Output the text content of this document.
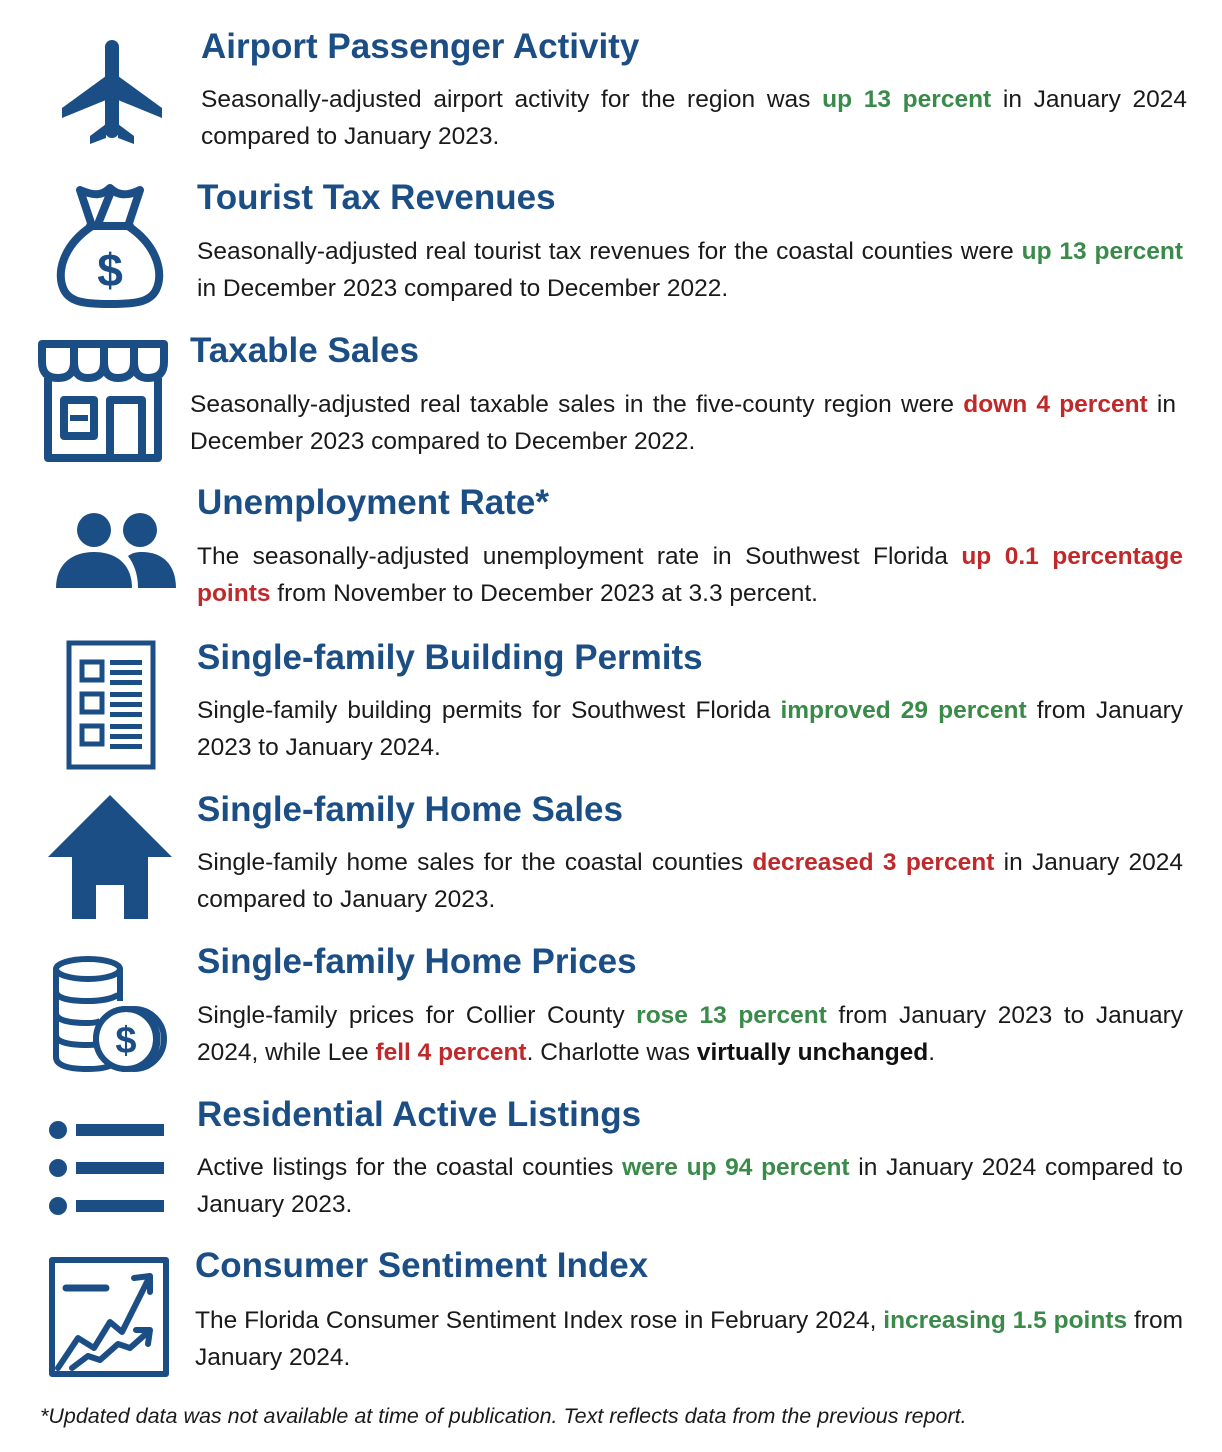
Airport Passenger Activity

Seasonally-adjusted airport activity for the region was up 13 percent in January 2024 compared to January 2023.

$
Tourist Tax Revenues

Seasonally-adjusted real tourist tax revenues for the coastal counties were up 13 percent in December 2023 compared to December 2022.

Taxable Sales

Seasonally-adjusted real taxable sales in the five-county region were down 4 percent in December 2023 compared to December 2022.

Unemployment Rate*

The seasonally-adjusted unemployment rate in Southwest Florida up 0.1 percentage points from November to December 2023 at 3.3 percent.

Single-family Building Permits

Single-family building permits for Southwest Florida improved 29 percent from January 2023 to January 2024.

Single-family Home Sales

Single-family home sales for the coastal counties decreased 3 percent in January 2024 compared to January 2023.

$
Single-family Home Prices

Single-family prices for Collier County rose 13 percent from January 2023 to January 2024, while Lee fell 4 percent. Charlotte was virtually unchanged.

Residential Active Listings

Active listings for the coastal counties were up 94 percent in January 2024 compared to January 2023.

Consumer Sentiment Index

The Florida Consumer Sentiment Index rose in February 2024, increasing 1.5 points from January 2024.

*Updated data was not available at time of publication. Text reflects data from the previous report.
